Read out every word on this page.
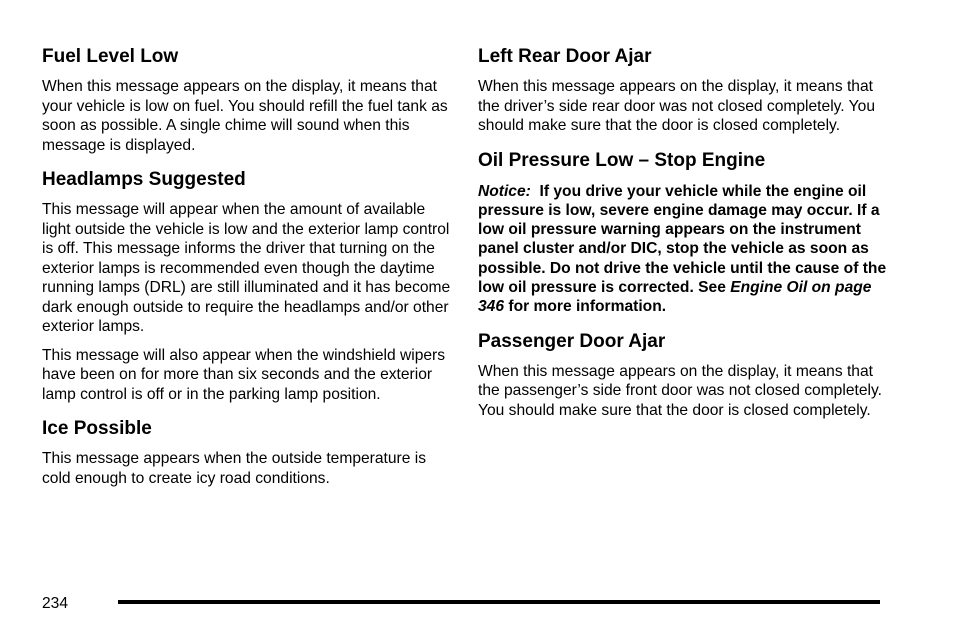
Fuel Level Low

When this message appears on the display, it means that your vehicle is low on fuel. You should refill the fuel tank as soon as possible. A single chime will sound when this message is displayed.

Headlamps Suggested

This message will appear when the amount of available light outside the vehicle is low and the exterior lamp control is off. This message informs the driver that turning on the exterior lamps is recommended even though the daytime running lamps (DRL) are still illuminated and it has become dark enough outside to require the headlamps and/or other exterior lamps.

This message will also appear when the windshield wipers have been on for more than six seconds and the exterior lamp control is off or in the parking lamp position.

Ice Possible

This message appears when the outside temperature is cold enough to create icy road conditions.

Left Rear Door Ajar

When this message appears on the display, it means that the driver’s side rear door was not closed completely. You should make sure that the door is closed completely.

Oil Pressure Low – Stop Engine

Notice: If you drive your vehicle while the engine oil pressure is low, severe engine damage may occur. If a low oil pressure warning appears on the instrument panel cluster and/or DIC, stop the vehicle as soon as possible. Do not drive the vehicle until the cause of the low oil pressure is corrected. See Engine Oil on page 346 for more information.

Passenger Door Ajar

When this message appears on the display, it means that the passenger’s side front door was not closed completely. You should make sure that the door is closed completely.

234
